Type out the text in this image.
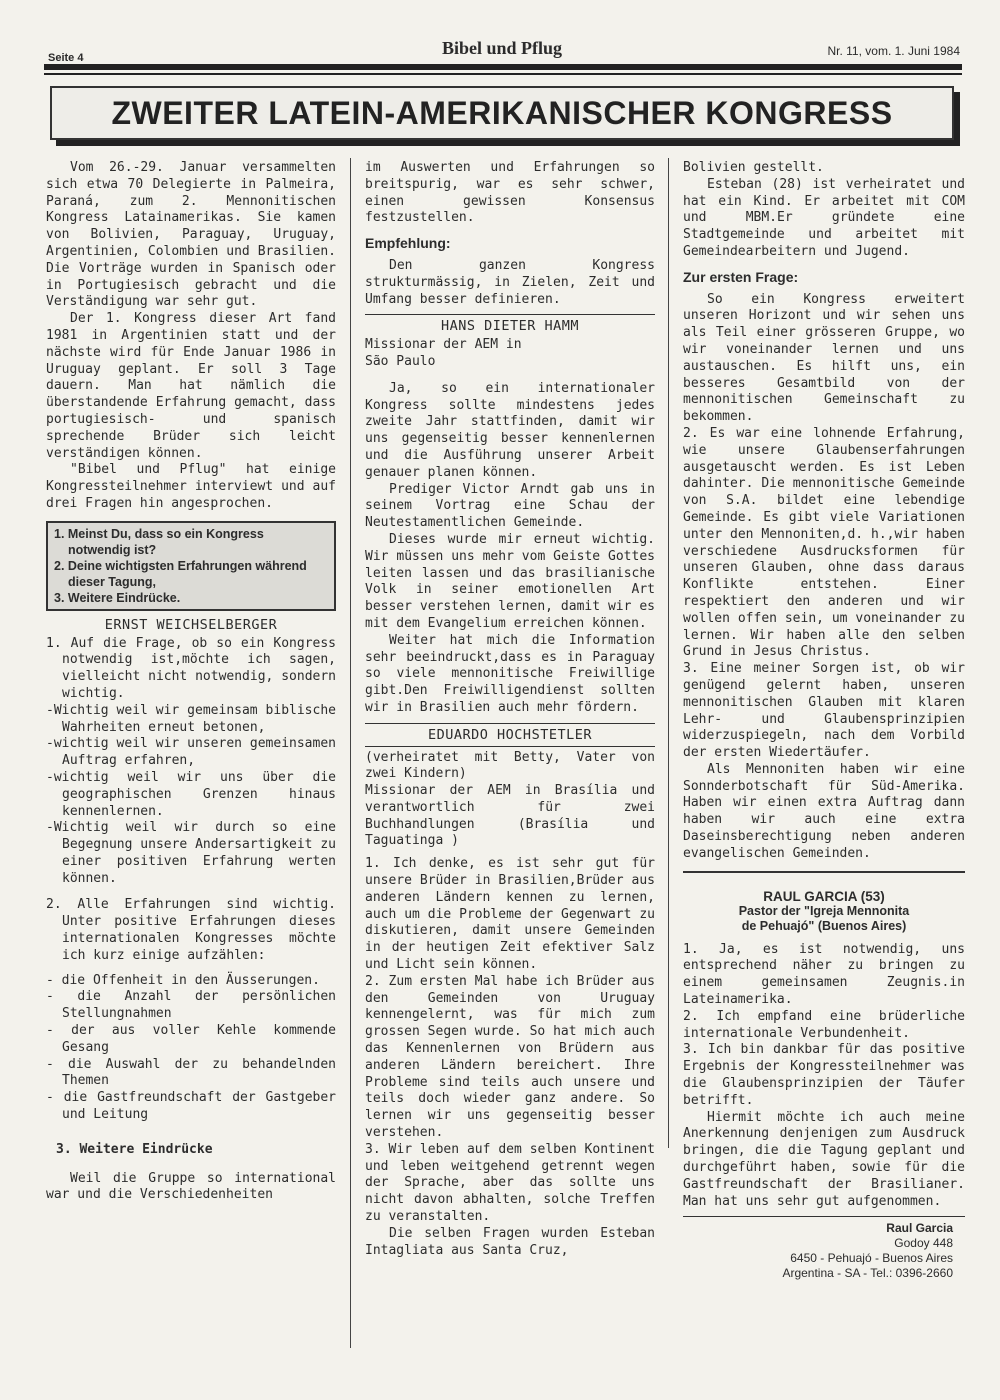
Seite 4	Bibel und Pflug	Nr. 11, vom. 1. Juni 1984
ZWEITER LATEIN-AMERIKANISCHER KONGRESS

Vom 26.-29. Januar versammelten sich etwa 70 Delegierte in Palmeira, Paraná, zum 2. Mennonitischen Kongress Latainamerikas. Sie kamen von Bolivien, Paraguay, Uruguay, Argentinien, Colombien und Brasilien. Die Vorträge wurden in Spanisch oder in Portugiesisch gebracht und die Verständigung war sehr gut.

Der 1. Kongress dieser Art fand 1981 in Argentinien statt und der nächste wird für Ende Januar 1986 in Uruguay geplant. Er soll 3 Tage dauern. Man hat nämlich die überstandende Erfahrung gemacht, dass portugiesisch- und spanisch sprechende Brüder sich leicht verständigen können.

"Bibel und Pflug" hat einige Kongressteilnehmer interviewt und auf drei Fragen hin angesprochen.

1. Meinst Du, dass so ein Kongress notwendig ist?
2. Deine wichtigsten Erfahrungen während dieser Tagung,
3. Weitere Eindrücke.
ERNST WEICHSELBERGER

1. Auf die Frage, ob so ein Kongress notwendig ist,möchte ich sagen, vielleicht nicht notwendig, sondern wichtig.

-Wichtig weil wir gemeinsam biblische Wahrheiten erneut betonen,

-wichtig weil wir unseren gemeinsamen Auftrag erfahren,

-wichtig weil wir uns über die geographischen Grenzen hinaus kennenlernen.

-Wichtig weil wir durch so eine Begegnung unsere Andersartigkeit zu einer positiven Erfahrung werten können.

2. Alle Erfahrungen sind wichtig. Unter positive Erfahrungen dieses internationalen Kongresses möchte ich kurz einige aufzählen:

- die Offenheit in den Äusserungen.

- die Anzahl der persönlichen Stellungnahmen

- der aus voller Kehle kommende Gesang

- die Auswahl der zu behandelnden Themen

- die Gastfreundschaft der Gastgeber und Leitung

3. Weitere Eindrücke

Weil die Gruppe so international war und die Verschiedenheiten

im Auswerten und Erfahrungen so breitspurig, war es sehr schwer, einen gewissen Konsensus festzustellen.

Empfehlung:

Den ganzen Kongress strukturmässig, in Zielen, Zeit und Umfang besser definieren.

HANS DIETER HAMM

Missionar der AEM in

São Paulo

Ja, so ein internationaler Kongress sollte mindestens jedes zweite Jahr stattfinden, damit wir uns gegenseitig besser kennenlernen und die Ausführung unserer Arbeit genauer planen können.

Prediger Victor Arndt gab uns in seinem Vortrag eine Schau der Neutestamentlichen Gemeinde.

Dieses wurde mir erneut wichtig. Wir müssen uns mehr vom Geiste Gottes leiten lassen und das brasilianische Volk in seiner emotionellen Art besser verstehen lernen, damit wir es mit dem Evangelium erreichen können.

Weiter hat mich die Information sehr beeindruckt,dass es in Paraguay so viele mennonitische Freiwillige gibt.Den Freiwilligendienst sollten wir in Brasilien auch mehr fördern.

EDUARDO HOCHSTETLER

(verheiratet mit Betty, Vater von zwei Kindern)

Missionar der AEM in Brasília und verantwortlich für zwei Buchhandlungen (Brasília und Taguatinga )

1. Ich denke, es ist sehr gut für unsere Brüder in Brasilien,Brüder aus anderen Ländern kennen zu lernen, auch um die Probleme der Gegenwart zu diskutieren, damit unsere Gemeinden in der heutigen Zeit efektiver Salz und Licht sein können.

2. Zum ersten Mal habe ich Brüder aus den Gemeinden von Uruguay kennengelernt, was für mich zum grossen Segen wurde. So hat mich auch das Kennenlernen von Brüdern aus anderen Ländern bereichert. Ihre Probleme sind teils auch unsere und teils doch wieder ganz andere. So lernen wir uns gegenseitig besser verstehen.

3. Wir leben auf dem selben Kontinent und leben weitgehend getrennt wegen der Sprache, aber das sollte uns nicht davon abhalten, solche Treffen zu veranstalten.

Die selben Fragen wurden Esteban Intagliata aus Santa Cruz,

Bolivien gestellt.

Esteban (28) ist verheiratet und hat ein Kind. Er arbeitet mit COM und MBM.Er gründete eine Stadtgemeinde und arbeitet mit Gemeindearbeitern und Jugend.

Zur ersten Frage:

So ein Kongress erweitert unseren Horizont und wir sehen uns als Teil einer grösseren Gruppe, wo wir voneinander lernen und uns austauschen. Es hilft uns, ein besseres Gesamtbild von der mennonitischen Gemeinschaft zu bekommen.

2. Es war eine lohnende Erfahrung, wie unsere Glaubenserfahrungen ausgetauscht werden. Es ist Leben dahinter. Die mennonitische Gemeinde von S.A. bildet eine lebendige Gemeinde. Es gibt viele Variationen unter den Mennoniten,d. h.,wir haben verschiedene Ausdrucksformen für unseren Glauben, ohne dass daraus Konflikte entstehen. Einer respektiert den anderen und wir wollen offen sein, um voneinander zu lernen. Wir haben alle den selben Grund in Jesus Christus.

3. Eine meiner Sorgen ist, ob wir genügend gelernt haben, unseren mennonitischen Glauben mit klaren Lehr- und Glaubensprinzipien widerzuspiegeln, nach dem Vorbild der ersten Wiedertäufer.

Als Mennoniten haben wir eine Sonnderbotschaft für Süd-Amerika. Haben wir einen extra Auftrag dann haben wir auch eine extra Daseinsberechtigung neben anderen evangelischen Gemeinden.

RAUL GARCIA (53)
Pastor der "Igreja Mennonita
de Pehuajó" (Buenos Aires)

1. Ja, es ist notwendig, uns entsprechend näher zu bringen zu einem gemeinsamen Zeugnis.in Lateinamerika.

2. Ich empfand eine brüderliche internationale Verbundenheit.

3. Ich bin dankbar für das positive Ergebnis der Kongressteilnehmer was die Glaubensprinzipien der Täufer betrifft.

Hiermit möchte ich auch meine Anerkennung denjenigen zum Ausdruck bringen, die die Tagung geplant und durchgeführt haben, sowie für die Gastfreundschaft der Brasilianer. Man hat uns sehr gut aufgenommen.

Raul Garcia
Godoy 448
6450 - Pehuajó - Buenos Aires
Argentina - SA - Tel.: 0396-2660
